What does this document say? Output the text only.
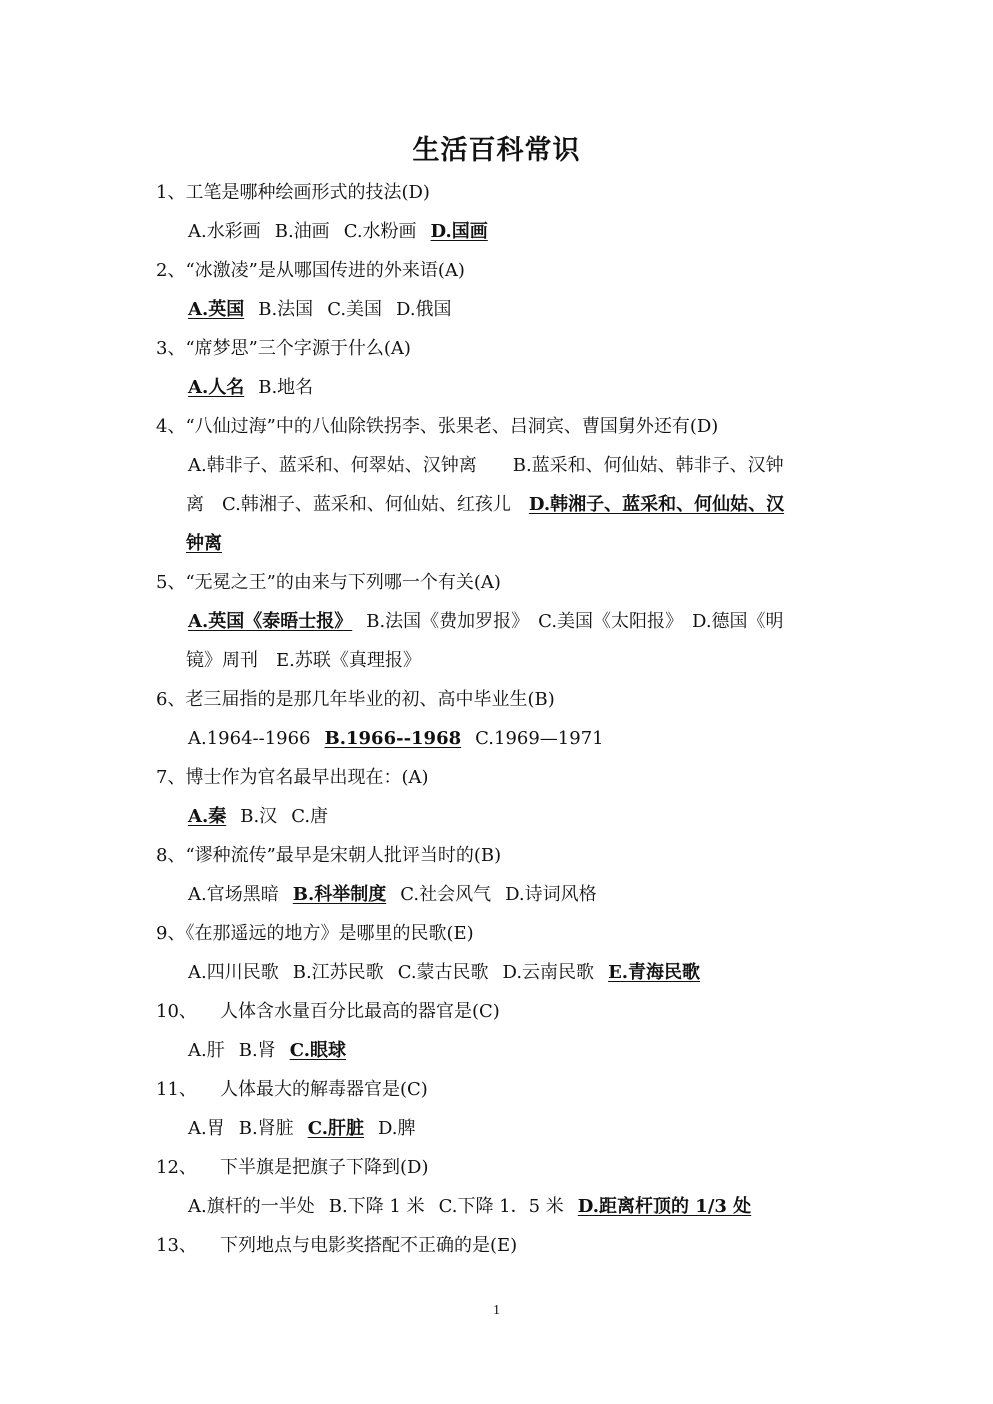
生活百科常识
1、工笔是哪种绘画形式的技法(D)
A.水彩画 B.油画 C.水粉画 D.国画
2、“冰激凌”是从哪国传进的外来语(A)
A.英国 B.法国 C.美国 D.俄国
3、“席梦思”三个字源于什么(A)
A.人名 B.地名
4、“八仙过海”中的八仙除铁拐李、张果老、吕洞宾、曹国舅外还有(D)
A.韩非子、蓝采和、何翠姑、汉钟离　　B.蓝采和、何仙姑、韩非子、汉钟
离　C.韩湘子、蓝采和、何仙姑、红孩儿　D.韩湘子、蓝采和、何仙姑、汉
钟离
5、“无冕之王”的由来与下列哪一个有关(A)
A.英国《泰晤士报》 B.法国《费加罗报》　C.美国《太阳报》　D.德国《明
镜》周刊　E.苏联《真理报》
6、老三届指的是那几年毕业的初、高中毕业生(B)
A.1964--1966 B.1966--1968 C.1969—1971
7、博士作为官名最早出现在：(A)
A.秦 B.汉 C.唐
8、“谬种流传”最早是宋朝人批评当时的(B)
A.官场黑暗 B.科举制度 C.社会风气 D.诗词风格
9、《在那遥远的地方》是哪里的民歌(E)
A.四川民歌 B.江苏民歌 C.蒙古民歌 D.云南民歌 E.青海民歌
10、 人体含水量百分比最高的器官是(C)
A.肝 B.肾 C.眼球
11、 人体最大的解毒器官是(C)
A.胃 B.肾脏 C.肝脏 D.脾
12、 下半旗是把旗子下降到(D)
A.旗杆的一半处 B.下降 1 米 C.下降 1．5 米 D.距离杆顶的 1/3 处
13、 下列地点与电影奖搭配不正确的是(E)
1
